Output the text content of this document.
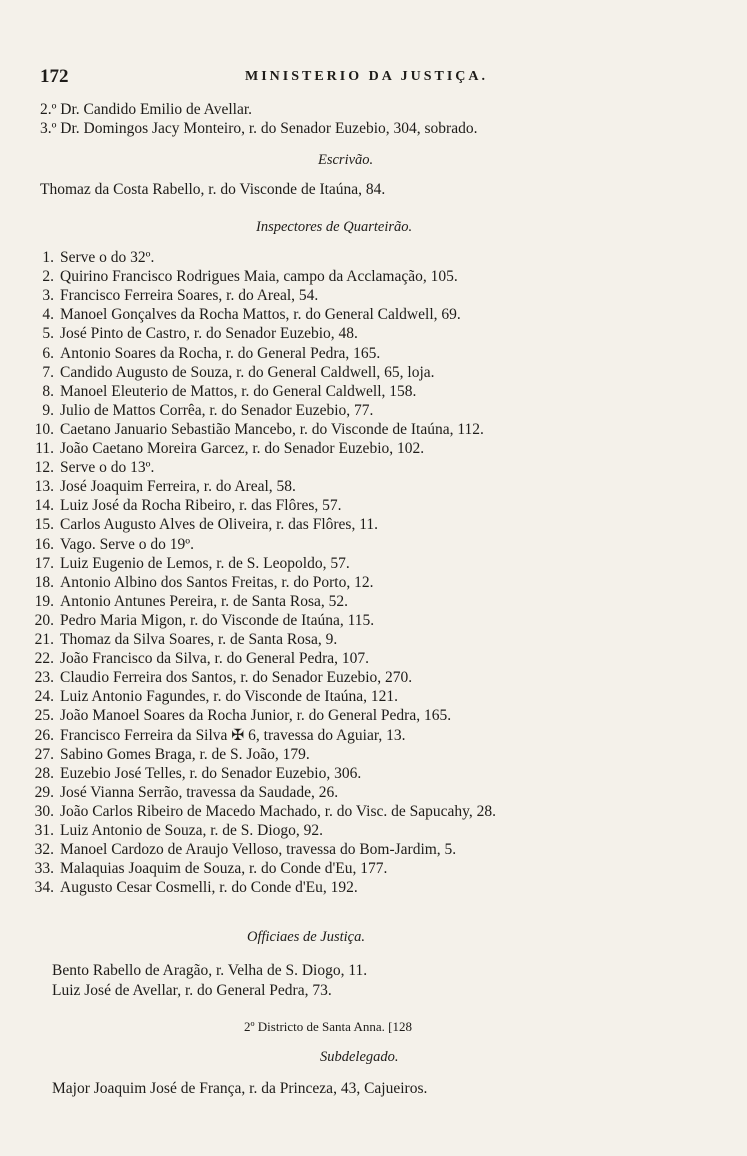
172	MINISTERIO DA JUSTIÇA.
2.º Dr. Candido Emilio de Avellar.
3.º Dr. Domingos Jacy Monteiro, r. do Senador Euzebio, 304, sobrado.
Escrivão.
Thomaz da Costa Rabello, r. do Visconde de Itaúna, 84.
Inspectores de Quarteirão.
1. Serve o do 32º.
2. Quirino Francisco Rodrigues Maia, campo da Acclamação, 105.
3. Francisco Ferreira Soares, r. do Areal, 54.
4. Manoel Gonçalves da Rocha Mattos, r. do General Caldwell, 69.
5. José Pinto de Castro, r. do Senador Euzebio, 48.
6. Antonio Soares da Rocha, r. do General Pedra, 165.
7. Candido Augusto de Souza, r. do General Caldwell, 65, loja.
8. Manoel Eleuterio de Mattos, r. do General Caldwell, 158.
9. Julio de Mattos Corrêa, r. do Senador Euzebio, 77.
10. Caetano Januario Sebastião Mancebo, r. do Visconde de Itaúna, 112.
11. João Caetano Moreira Garcez, r. do Senador Euzebio, 102.
12. Serve o do 13º.
13. José Joaquim Ferreira, r. do Areal, 58.
14. Luiz José da Rocha Ribeiro, r. das Flôres, 57.
15. Carlos Augusto Alves de Oliveira, r. das Flôres, 11.
16. Vago. Serve o do 19º.
17. Luiz Eugenio de Lemos, r. de S. Leopoldo, 57.
18. Antonio Albino dos Santos Freitas, r. do Porto, 12.
19. Antonio Antunes Pereira, r. de Santa Rosa, 52.
20. Pedro Maria Migon, r. do Visconde de Itaúna, 115.
21. Thomaz da Silva Soares, r. de Santa Rosa, 9.
22. João Francisco da Silva, r. do General Pedra, 107.
23. Claudio Ferreira dos Santos, r. do Senador Euzebio, 270.
24. Luiz Antonio Fagundes, r. do Visconde de Itaúna, 121.
25. João Manoel Soares da Rocha Junior, r. do General Pedra, 165.
26. Francisco Ferreira da Silva ✠ 6, travessa do Aguiar, 13.
27. Sabino Gomes Braga, r. de S. João, 179.
28. Euzebio José Telles, r. do Senador Euzebio, 306.
29. José Vianna Serrão, travessa da Saudade, 26.
30. João Carlos Ribeiro de Macedo Machado, r. do Visc. de Sapucahy, 28.
31. Luiz Antonio de Souza, r. de S. Diogo, 92.
32. Manoel Cardozo de Araujo Velloso, travessa do Bom-Jardim, 5.
33. Malaquias Joaquim de Souza, r. do Conde d'Eu, 177.
34. Augusto Cesar Cosmelli, r. do Conde d'Eu, 192.
Officiaes de Justiça.
Bento Rabello de Aragão, r. Velha de S. Diogo, 11.
Luiz José de Avellar, r. do General Pedra, 73.
2º Districto de Santa Anna. [128
Subdelegado.
Major Joaquim José de França, r. da Princeza, 43, Cajueiros.
